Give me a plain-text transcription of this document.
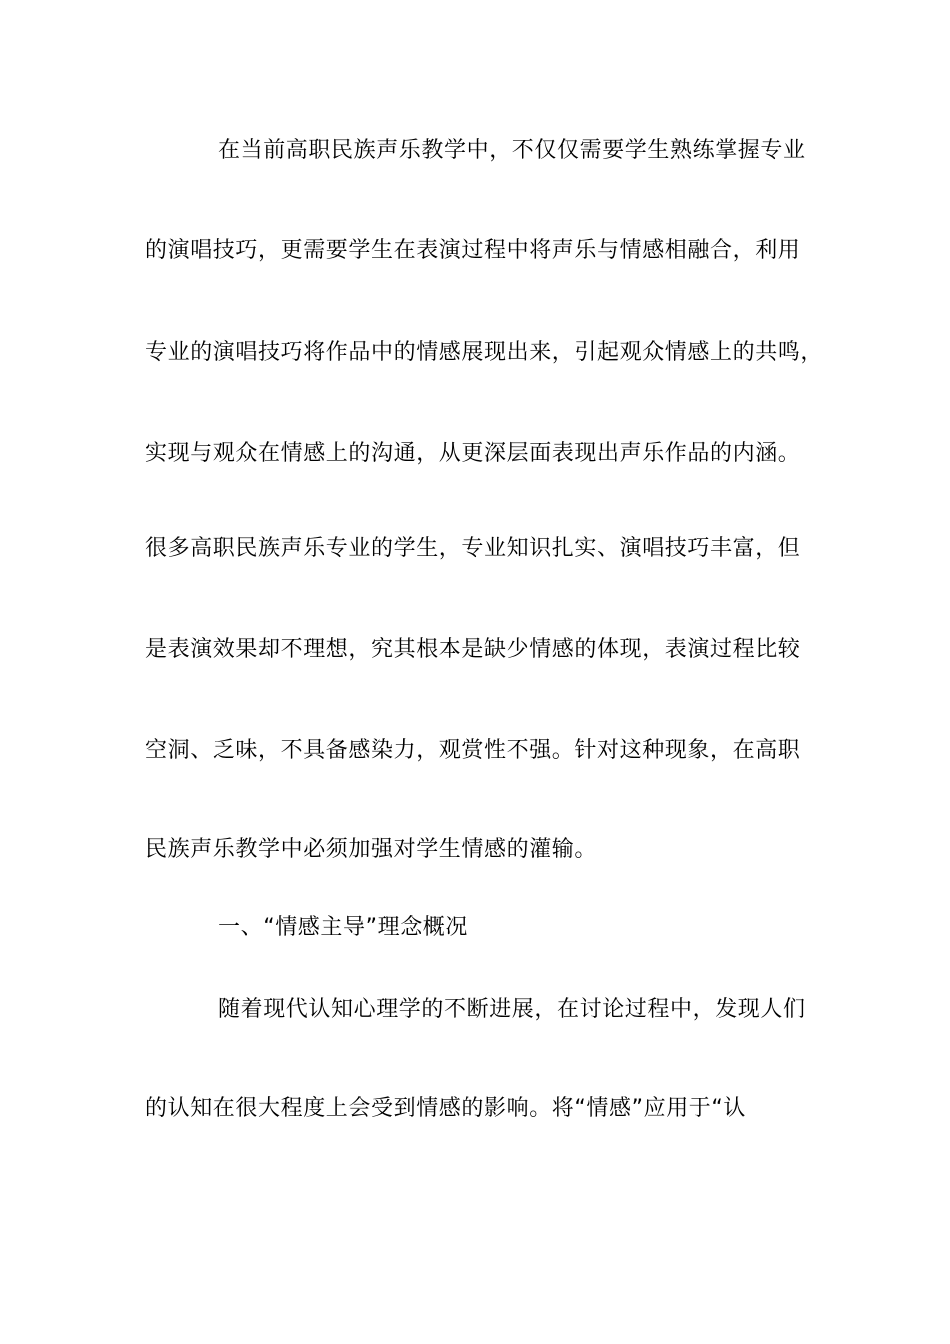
在当前高职民族声乐教学中，不仅仅需要学生熟练掌握专业
的演唱技巧，更需要学生在表演过程中将声乐与情感相融合，利用
专业的演唱技巧将作品中的情感展现出来，引起观众情感上的共鸣，
实现与观众在情感上的沟通，从更深层面表现出声乐作品的内涵。
很多高职民族声乐专业的学生，专业知识扎实、演唱技巧丰富，但
是表演效果却不理想，究其根本是缺少情感的体现，表演过程比较
空洞、乏味，不具备感染力，观赏性不强。针对这种现象，在高职
民族声乐教学中必须加强对学生情感的灌输。
一、“情感主导”理念概况
随着现代认知心理学的不断进展，在讨论过程中，发现人们
的认知在很大程度上会受到情感的影响。将“情感”应用于“认
